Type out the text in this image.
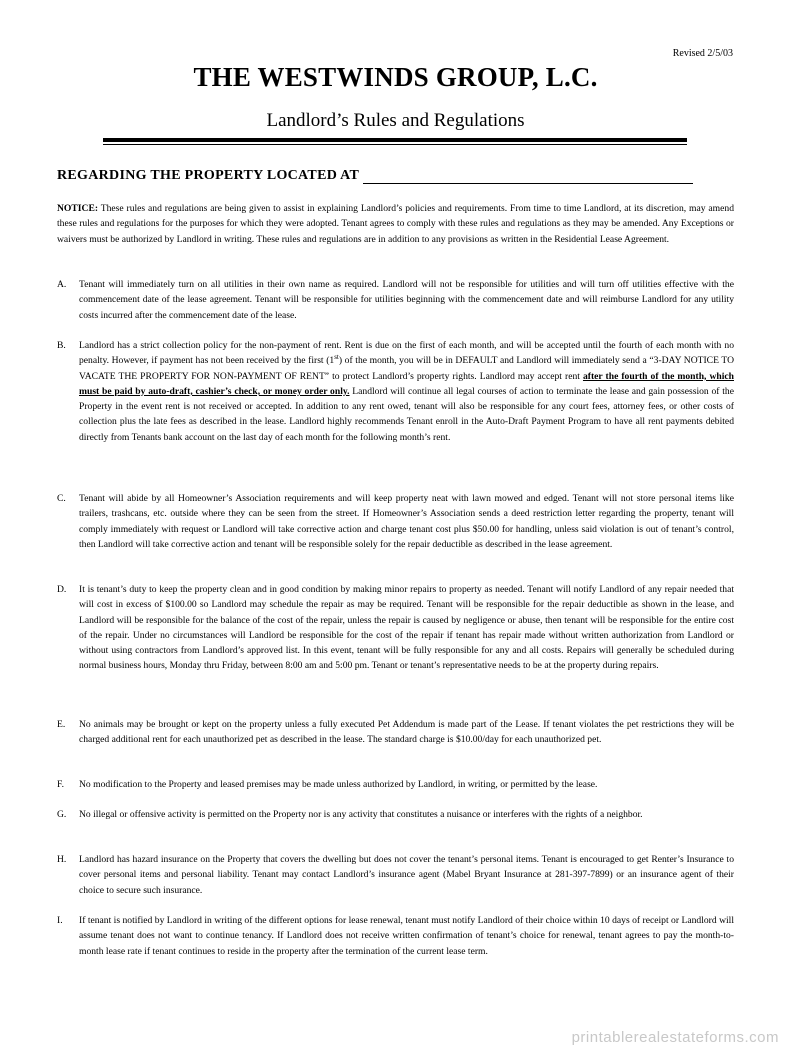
Revised 2/5/03
THE WESTWINDS GROUP, L.C.
Landlord’s Rules and Regulations
REGARDING THE PROPERTY LOCATED AT
NOTICE: These rules and regulations are being given to assist in explaining Landlord’s policies and requirements. From time to time Landlord, at its discretion, may amend these rules and regulations for the purposes for which they were adopted. Tenant agrees to comply with these rules and regulations as they may be amended. Any Exceptions or waivers must be authorized by Landlord in writing. These rules and regulations are in addition to any provisions as written in the Residential Lease Agreement.
A.	Tenant will immediately turn on all utilities in their own name as required. Landlord will not be responsible for utilities and will turn off utilities effective with the commencement date of the lease agreement. Tenant will be responsible for utilities beginning with the commencement date and will reimburse Landlord for any utility costs incurred after the commencement date of the lease.
B.	Landlord has a strict collection policy for the non-payment of rent. Rent is due on the first of each month, and will be accepted until the fourth of each month with no penalty. However, if payment has not been received by the first (1st) of the month, you will be in DEFAULT and Landlord will immediately send a “3-DAY NOTICE TO VACATE THE PROPERTY FOR NON-PAYMENT OF RENT” to protect Landlord’s property rights. Landlord may accept rent after the fourth of the month, which must be paid by auto-draft, cashier’s check, or money order only. Landlord will continue all legal courses of action to terminate the lease and gain possession of the Property in the event rent is not received or accepted. In addition to any rent owed, tenant will also be responsible for any court fees, attorney fees, or other costs of collection plus the late fees as described in the lease. Landlord highly recommends Tenant enroll in the Auto-Draft Payment Program to have all rent payments debited directly from Tenants bank account on the last day of each month for the following month’s rent.
C.	Tenant will abide by all Homeowner’s Association requirements and will keep property neat with lawn mowed and edged. Tenant will not store personal items like trailers, trashcans, etc. outside where they can be seen from the street. If Homeowner’s Association sends a deed restriction letter regarding the property, tenant will comply immediately with request or Landlord will take corrective action and charge tenant cost plus $50.00 for handling, unless said violation is out of tenant’s control, then Landlord will take corrective action and tenant will be responsible solely for the repair deductible as described in the lease agreement.
D.	It is tenant’s duty to keep the property clean and in good condition by making minor repairs to property as needed. Tenant will notify Landlord of any repair needed that will cost in excess of $100.00 so Landlord may schedule the repair as may be required. Tenant will be responsible for the repair deductible as shown in the lease, and Landlord will be responsible for the balance of the cost of the repair, unless the repair is caused by negligence or abuse, then tenant will be responsible for the entire cost of the repair. Under no circumstances will Landlord be responsible for the cost of the repair if tenant has repair made without written authorization from Landlord or without using contractors from Landlord’s approved list. In this event, tenant will be fully responsible for any and all costs. Repairs will generally be scheduled during normal business hours, Monday thru Friday, between 8:00 am and 5:00 pm. Tenant or tenant’s representative needs to be at the property during repairs.
E.	No animals may be brought or kept on the property unless a fully executed Pet Addendum is made part of the Lease. If tenant violates the pet restrictions they will be charged additional rent for each unauthorized pet as described in the lease. The standard charge is $10.00/day for each unauthorized pet.
F.	No modification to the Property and leased premises may be made unless authorized by Landlord, in writing, or permitted by the lease.
G.	No illegal or offensive activity is permitted on the Property nor is any activity that constitutes a nuisance or interferes with the rights of a neighbor.
H.	Landlord has hazard insurance on the Property that covers the dwelling but does not cover the tenant’s personal items. Tenant is encouraged to get Renter’s Insurance to cover personal items and personal liability. Tenant may contact Landlord’s insurance agent (Mabel Bryant Insurance at 281-397-7899) or an insurance agent of their choice to secure such insurance.
I.	If tenant is notified by Landlord in writing of the different options for lease renewal, tenant must notify Landlord of their choice within 10 days of receipt or Landlord will assume tenant does not want to continue tenancy. If Landlord does not receive written confirmation of tenant’s choice for renewal, tenant agrees to pay the month-to-month lease rate if tenant continues to reside in the property after the termination of the current lease term.
printablerealestateforms.com
